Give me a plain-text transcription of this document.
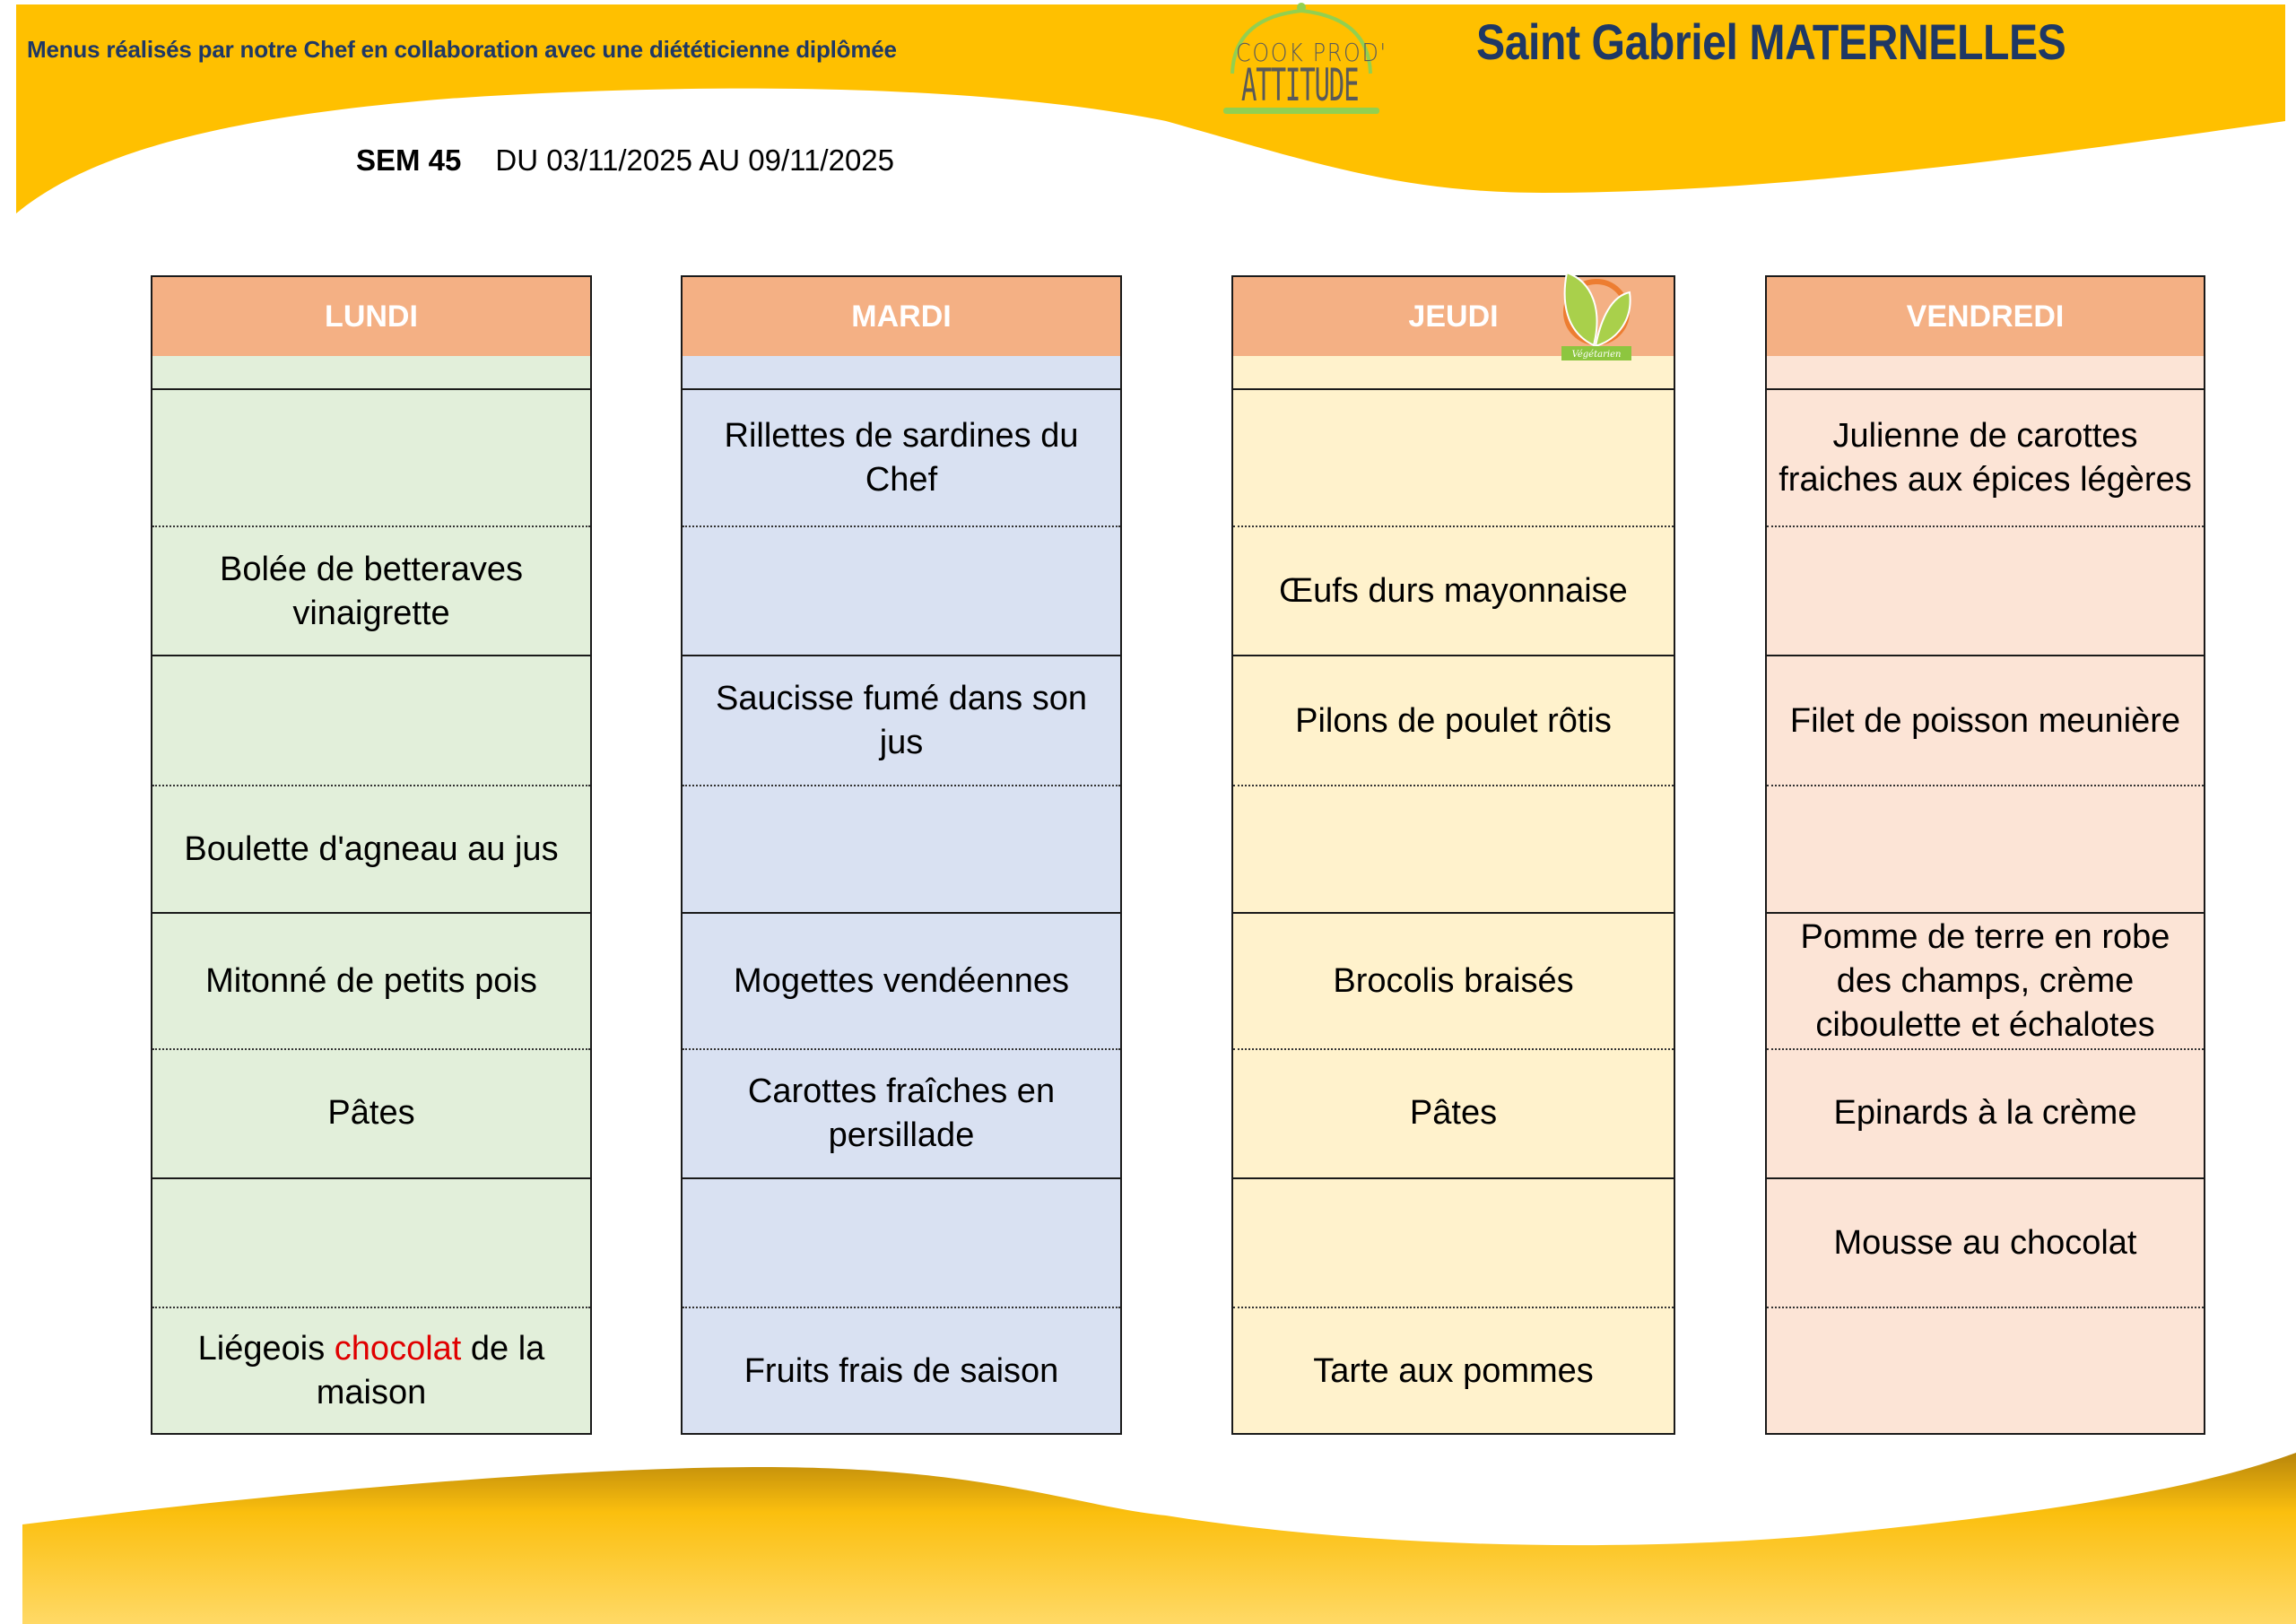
Menus réalisés par notre Chef en collaboration avec une diététicienne diplômée	COOK PROD'
ATTITUDE
Saint Gabriel MATERNELLES
SEM 45 DU 03/11/2025 AU 09/11/2025
LUNDI
Bolée de betteraves vinaigrette
Boulette d'agneau au jus
Mitonné de petits pois
Pâtes
Liégeois chocolat de la maison
MARDI
Rillettes de sardines du Chef
Saucisse fumé dans son jus
Mogettes vendéennes
Carottes fraîches en persillade
Fruits frais de saison
JEUDI
Œufs durs mayonnaise
Pilons de poulet rôtis
Brocolis braisés
Pâtes
Tarte aux pommes
Végétarien
VENDREDI
Julienne de carottes fraiches aux épices légères
Filet de poisson meunière
Pomme de terre en robe des champs, crème ciboulette et échalotes
Epinards à la crème
Mousse au chocolat
